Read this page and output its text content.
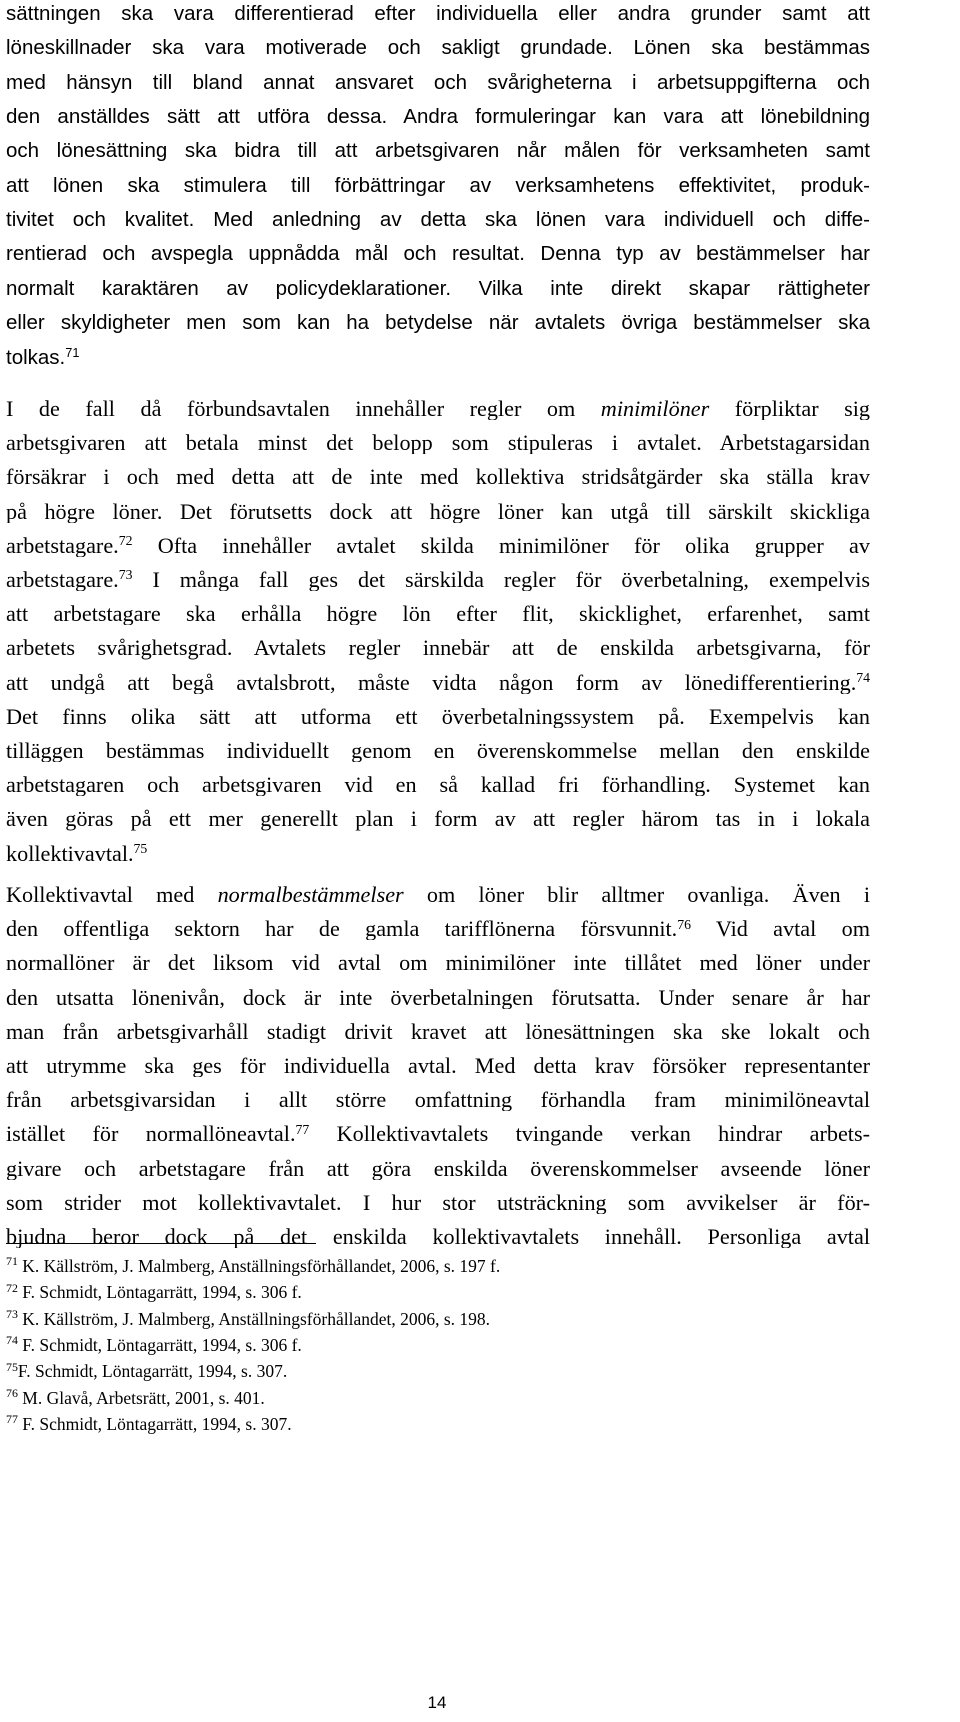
sättningen ska vara differentierad efter individuella eller andra grunder samt att
löneskillnader ska vara motiverade och sakligt grundade. Lönen ska bestämmas
med hänsyn till bland annat ansvaret och svårigheterna i arbetsuppgifterna och
den anställdes sätt att utföra dessa. Andra formuleringar kan vara att lönebildning
och lönesättning ska bidra till att arbetsgivaren når målen för verksamheten samt
att lönen ska stimulera till förbättringar av verksamhetens effektivitet, produk-
tivitet och kvalitet. Med anledning av detta ska lönen vara individuell och diffe-
rentierad och avspegla uppnådda mål och resultat. Denna typ av bestämmelser har
normalt karaktären av policydeklarationer. Vilka inte direkt skapar rättigheter
eller skyldigheter men som kan ha betydelse när avtalets övriga bestämmelser ska
tolkas.$^{71}$
I de fall då förbundsavtalen innehåller regler om minimilöner förpliktar sig
arbetsgivaren att betala minst det belopp som stipuleras i avtalet. Arbetstagarsidan
försäkrar i och med detta att de inte med kollektiva stridsåtgärder ska ställa krav
på högre löner. Det förutsetts dock att högre löner kan utgå till särskilt skickliga
arbetstagare.$^{72}$ Ofta innehåller avtalet skilda minimilöner för olika grupper av
arbetstagare.$^{73}$ I många fall ges det särskilda regler för överbetalning, exempelvis
att arbetstagare ska erhålla högre lön efter flit, skicklighet, erfarenhet, samt
arbetets svårighetsgrad. Avtalets regler innebär att de enskilda arbetsgivarna, för
att undgå att begå avtalsbrott, måste vidta någon form av lönedifferentiering.$^{74}$
Det finns olika sätt att utforma ett överbetalningssystem på. Exempelvis kan
tilläggen bestämmas individuellt genom en överenskommelse mellan den enskilde
arbetstagaren och arbetsgivaren vid en så kallad fri förhandling. Systemet kan
även göras på ett mer generellt plan i form av att regler härom tas in i lokala
kollektivavtal.$^{75}$
Kollektivavtal med normalbestämmelser om löner blir alltmer ovanliga. Även i
den offentliga sektorn har de gamla tarifflönerna försvunnit.$^{76}$ Vid avtal om
normallöner är det liksom vid avtal om minimilöner inte tillåtet med löner under
den utsatta lönenivån, dock är inte överbetalningen förutsatta. Under senare år har
man från arbetsgivarhåll stadigt drivit kravet att lönesättningen ska ske lokalt och
att utrymme ska ges för individuella avtal. Med detta krav försöker representanter
från arbetsgivarsidan i allt större omfattning förhandla fram minimilöneavtal
istället för normallöneavtal.$^{77}$ Kollektivavtalets tvingande verkan hindrar arbets-
givare och arbetstagare från att göra enskilda överenskommelser avseende löner
som strider mot kollektivavtalet. I hur stor utsträckning som avvikelser är för-
bjudna beror dock på det enskilda kollektivavtalets innehåll. Personliga avtal
$^{71}$ K. Källström, J. Malmberg, Anställningsförhållandet, 2006, s. 197 f.
$^{72}$ F. Schmidt, Löntagarrätt, 1994, s. 306 f.
$^{73}$ K. Källström, J. Malmberg, Anställningsförhållandet, 2006, s. 198.
$^{74}$ F. Schmidt, Löntagarrätt, 1994, s. 306 f.
$^{75}$F. Schmidt, Löntagarrätt, 1994, s. 307.
$^{76}$ M. Glavå, Arbetsrätt, 2001, s. 401.
$^{77}$ F. Schmidt, Löntagarrätt, 1994, s. 307.
14
